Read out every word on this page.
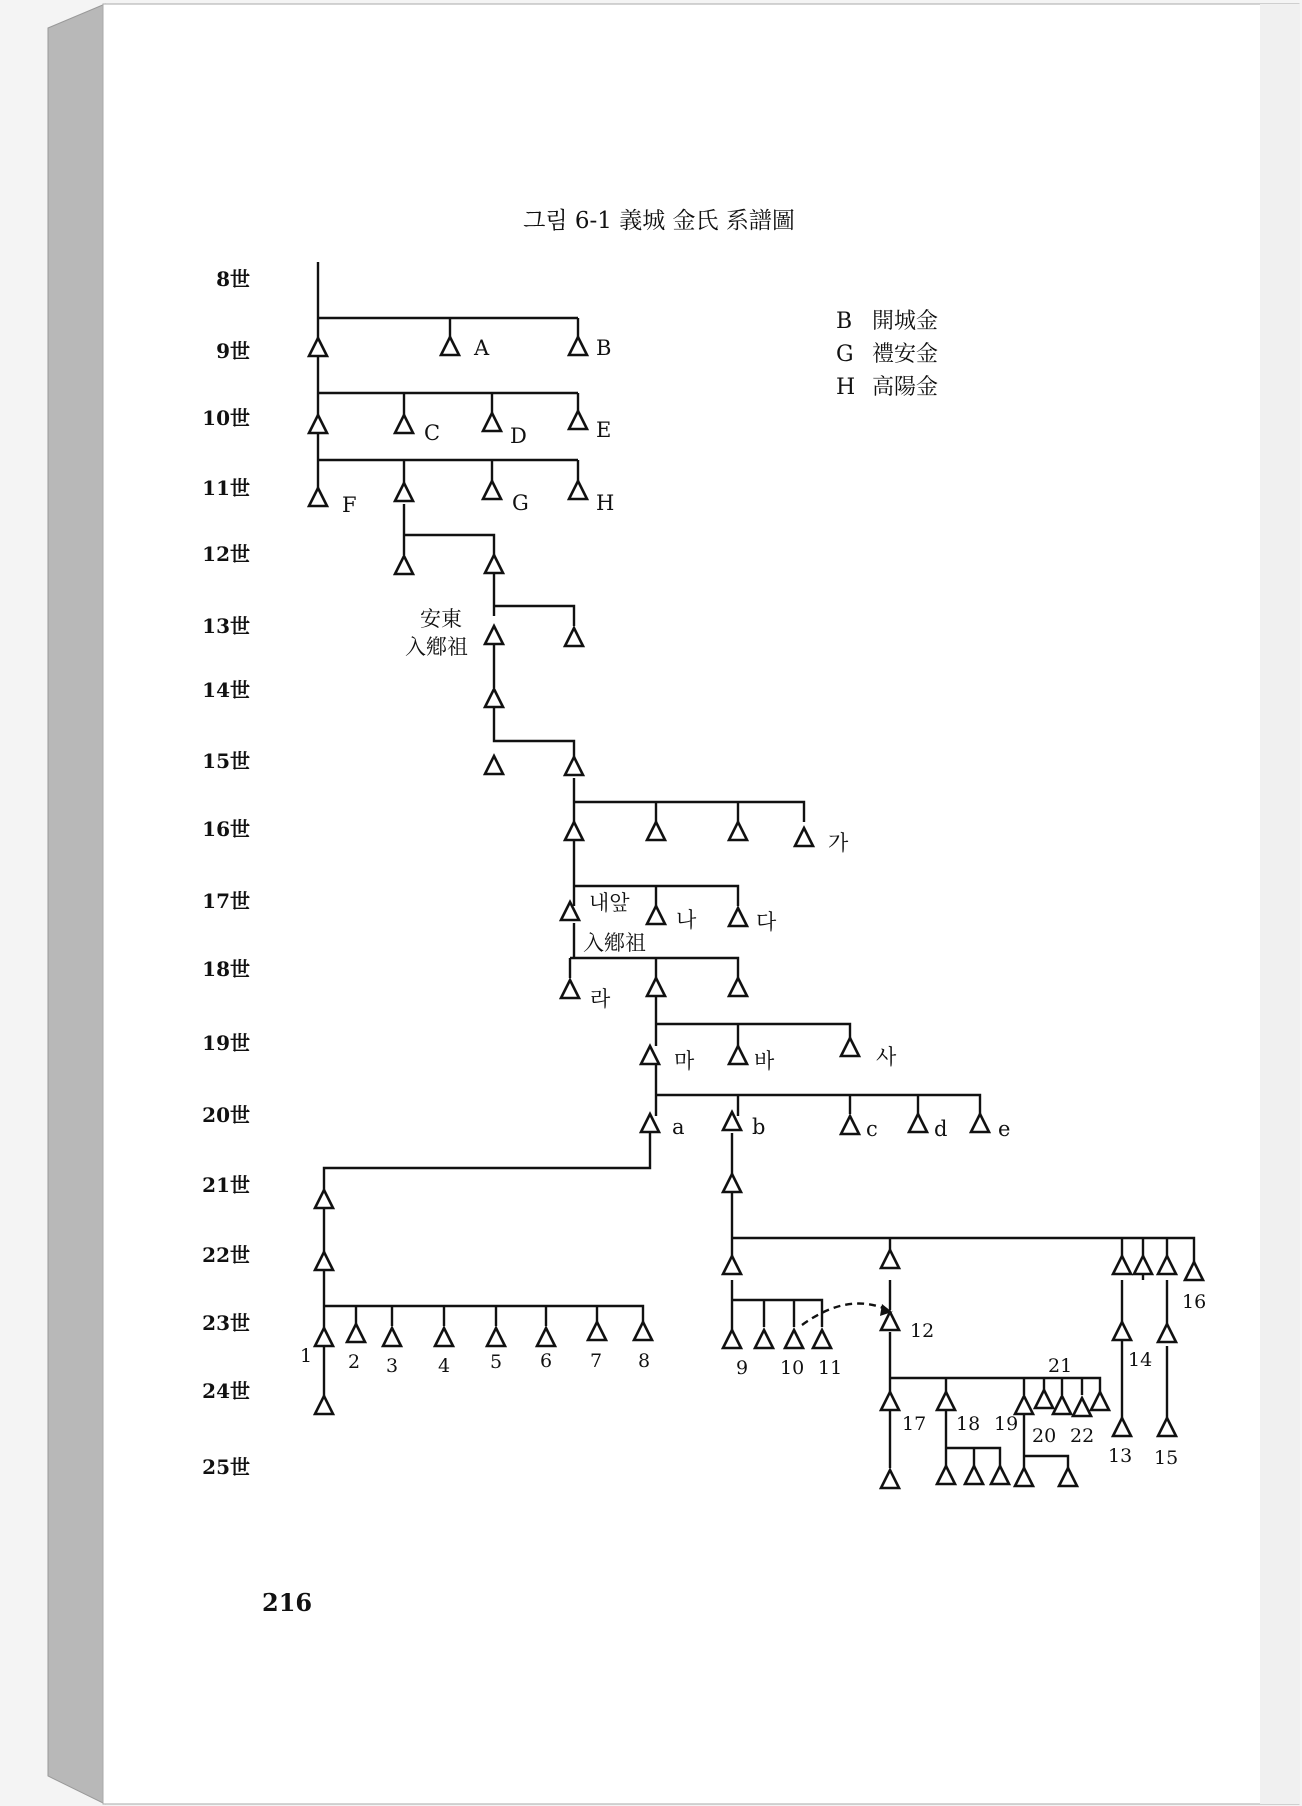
그림 6-1 義城 金氏 系譜圖
B 開城金
G 禮安金
H 高陽金
8世
9世
10世
11世
12世
13世
14世
15世
16世
17世
18世
19世
20世
21世
22世
23世
24世
25世
A	B
C	D	E
F	G	H
安東
入鄕祖
내앞
入鄕祖
가
나	다
라
마	바	사
a	b	c	d e
1 2 3 4 5 6 7 8	9 10 11
12
13
14
15
16
17 18 19
20
21
22
216
